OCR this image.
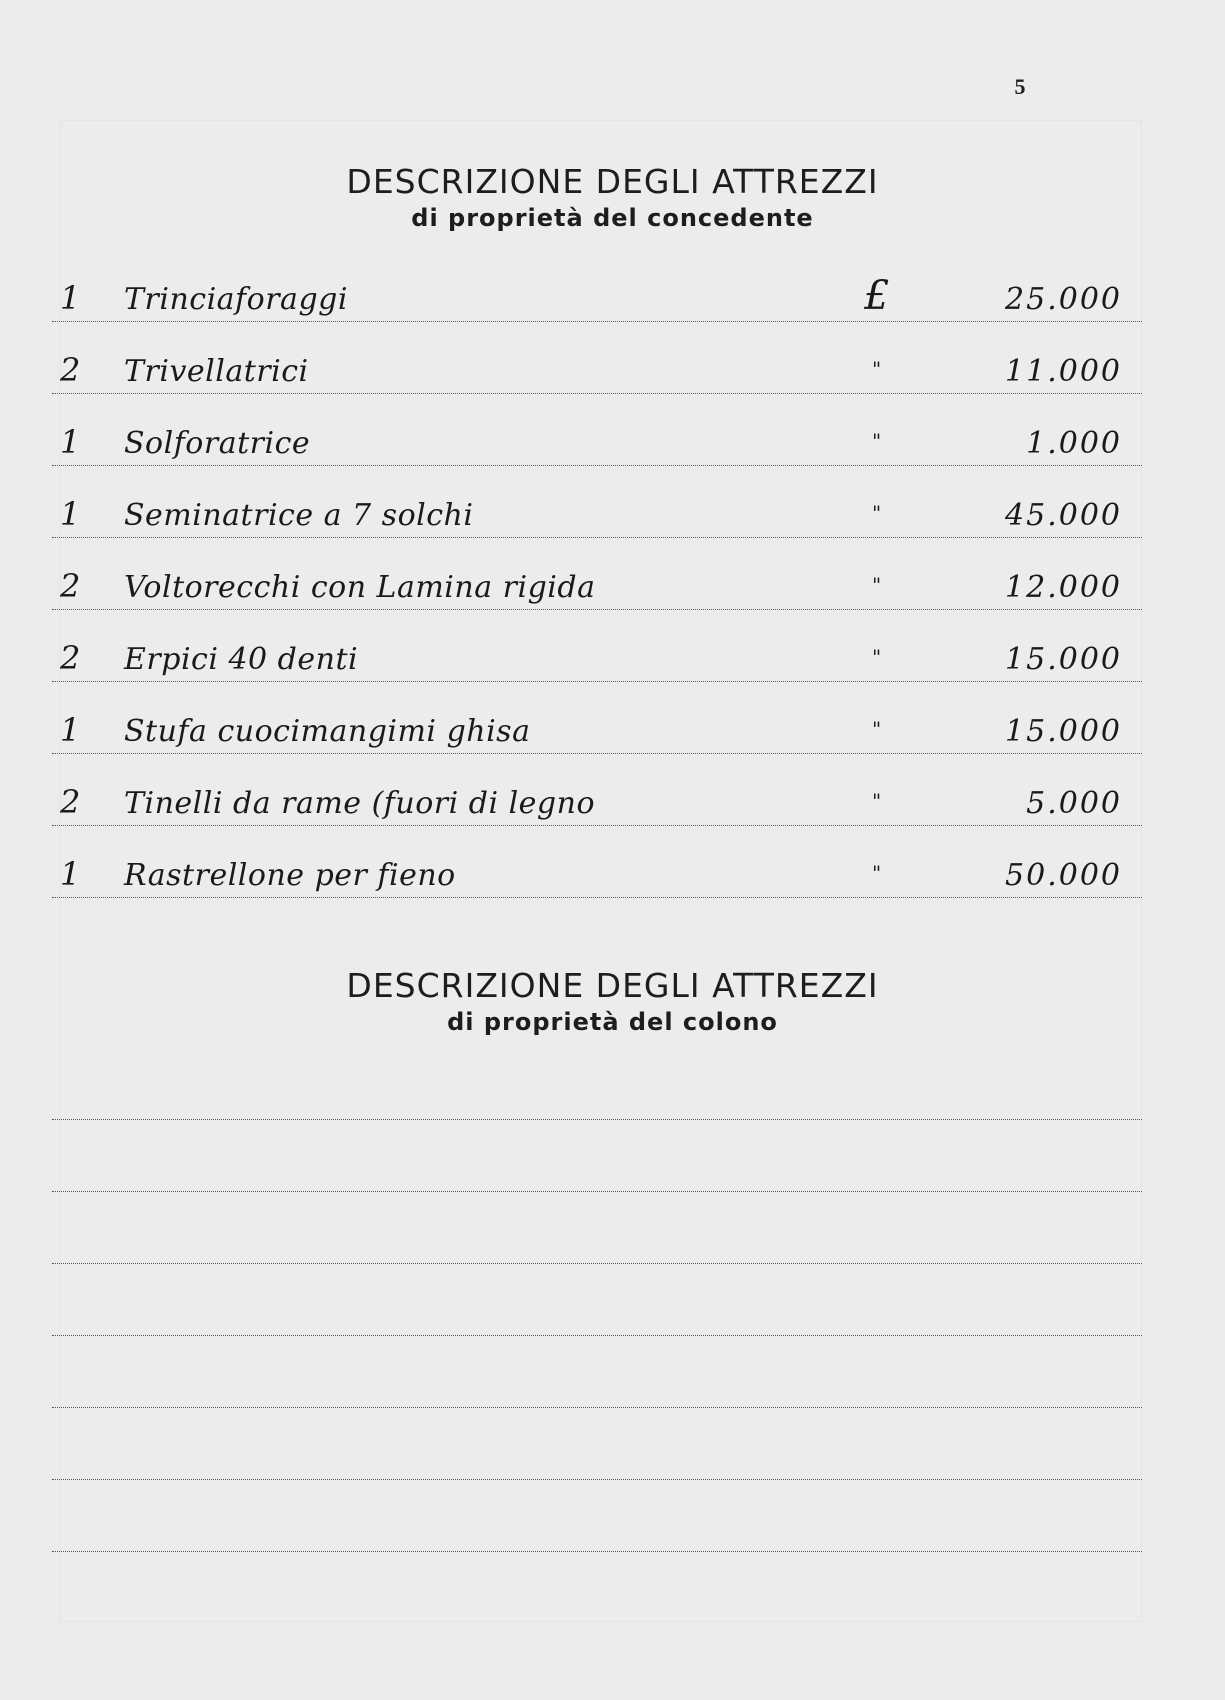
5
DESCRIZIONE DEGLI ATTREZZI
di proprietà del concedente
1 Trinciaforaggi	£	25.000
2 Trivellatrici	"	11.000
1 Solforatrice	"	1.000
1 Seminatrice a 7 solchi	"	45.000
2 Voltorecchi con Lamina rigida	"	12.000
2 Erpici 40 denti	"	15.000
1 Stufa cuocimangimi ghisa	"	15.000
2 Tinelli da rame (fuori di legno	"	5.000
1 Rastrellone per fieno	"	50.000
DESCRIZIONE DEGLI ATTREZZI
di proprietà del colono
